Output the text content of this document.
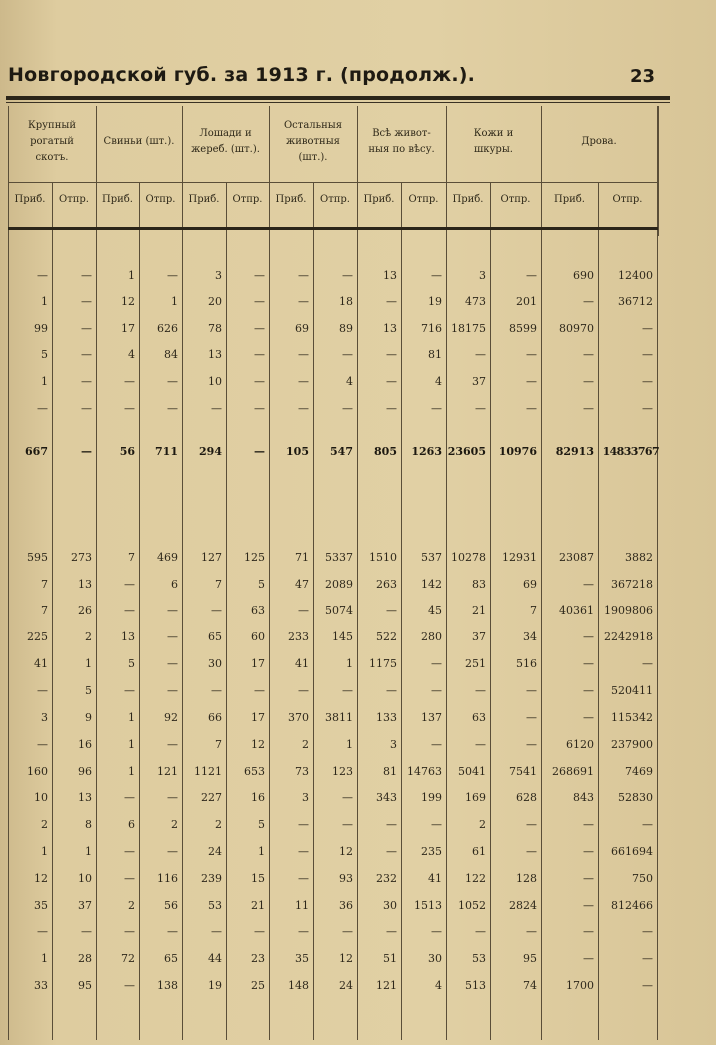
Новгородской губ. за 1913 г. (продолж.).	23
Крупный
рогатый
скотъ.
Свиньи (шт.).
Лошади и
жереб. (шт.).
Остальныя
животныя
(шт.).
Всѣ живот-
ныя по вѣсу.
Кожи и
шкуры.
Дрова.
Приб.	Отпр.	Приб.	Отпр.	Приб.	Отпр.	Приб.	Отпр.	Приб.	Отпр.	Приб.	Отпр.	Приб.	Отпр.
—	—	1	—	3	—	—	—	13	—	3	—	690	12400
1	—	12	1	20	—	—	18	—	19	473	201	—	36712
99	—	17	626	78	—	69	89	13	716 18175	8599	80970	—
5	—	4	84	13	—	—	—	—	81	—	—	—	—
1	—	—	—	10	—	—	4	—	4	37	—	—	—
—	—	—	—	—	—	—	—	—	—	—	—	—	—
667	—	56	711	294	—	105	547	805	1263 23605	10976	82913 14833767
595	273	7	469	127	125	71	5337	1510	537 10278	12931	23087	3882
7	13	—	6	7	5	47	2089	263	142	83	69	—	367218
7	26	—	—	—	63	—	5074	—	45	21	7	40361 1909806
225	2	13	—	65	60	233	145	522	280	37	34	— 2242918
41	1	5	—	30	17	41	1	1175	—	251	516	—	—
—	5	—	—	—	—	—	—	—	—	—	—	—	520411
3	9	1	92	66	17	370	3811	133	137	63	—	—	115342
—	16	1	—	7	12	2	1	3	—	—	—	6120	237900
160	96	1	121	1121	653	73	123	81 14763	5041	7541	268691	7469
10	13	—	—	227	16	3	—	343	199	169	628	843	52830
2	8	6	2	2	5	—	—	—	—	2	—	—	—
1	1	—	—	24	1	—	12	—	235	61	—	—	661694
12	10	—	116	239	15	—	93	232	41	122	128	—	750
35	37	2	56	53	21	11	36	30	1513	1052	2824	—	812466
—	—	—	—	—	—	—	—	—	—	—	—	—	—
1	28	72	65	44	23	35	12	51	30	53	95	—	—
33	95	—	138	19	25	148	24	121	4	513	74	1700	—
